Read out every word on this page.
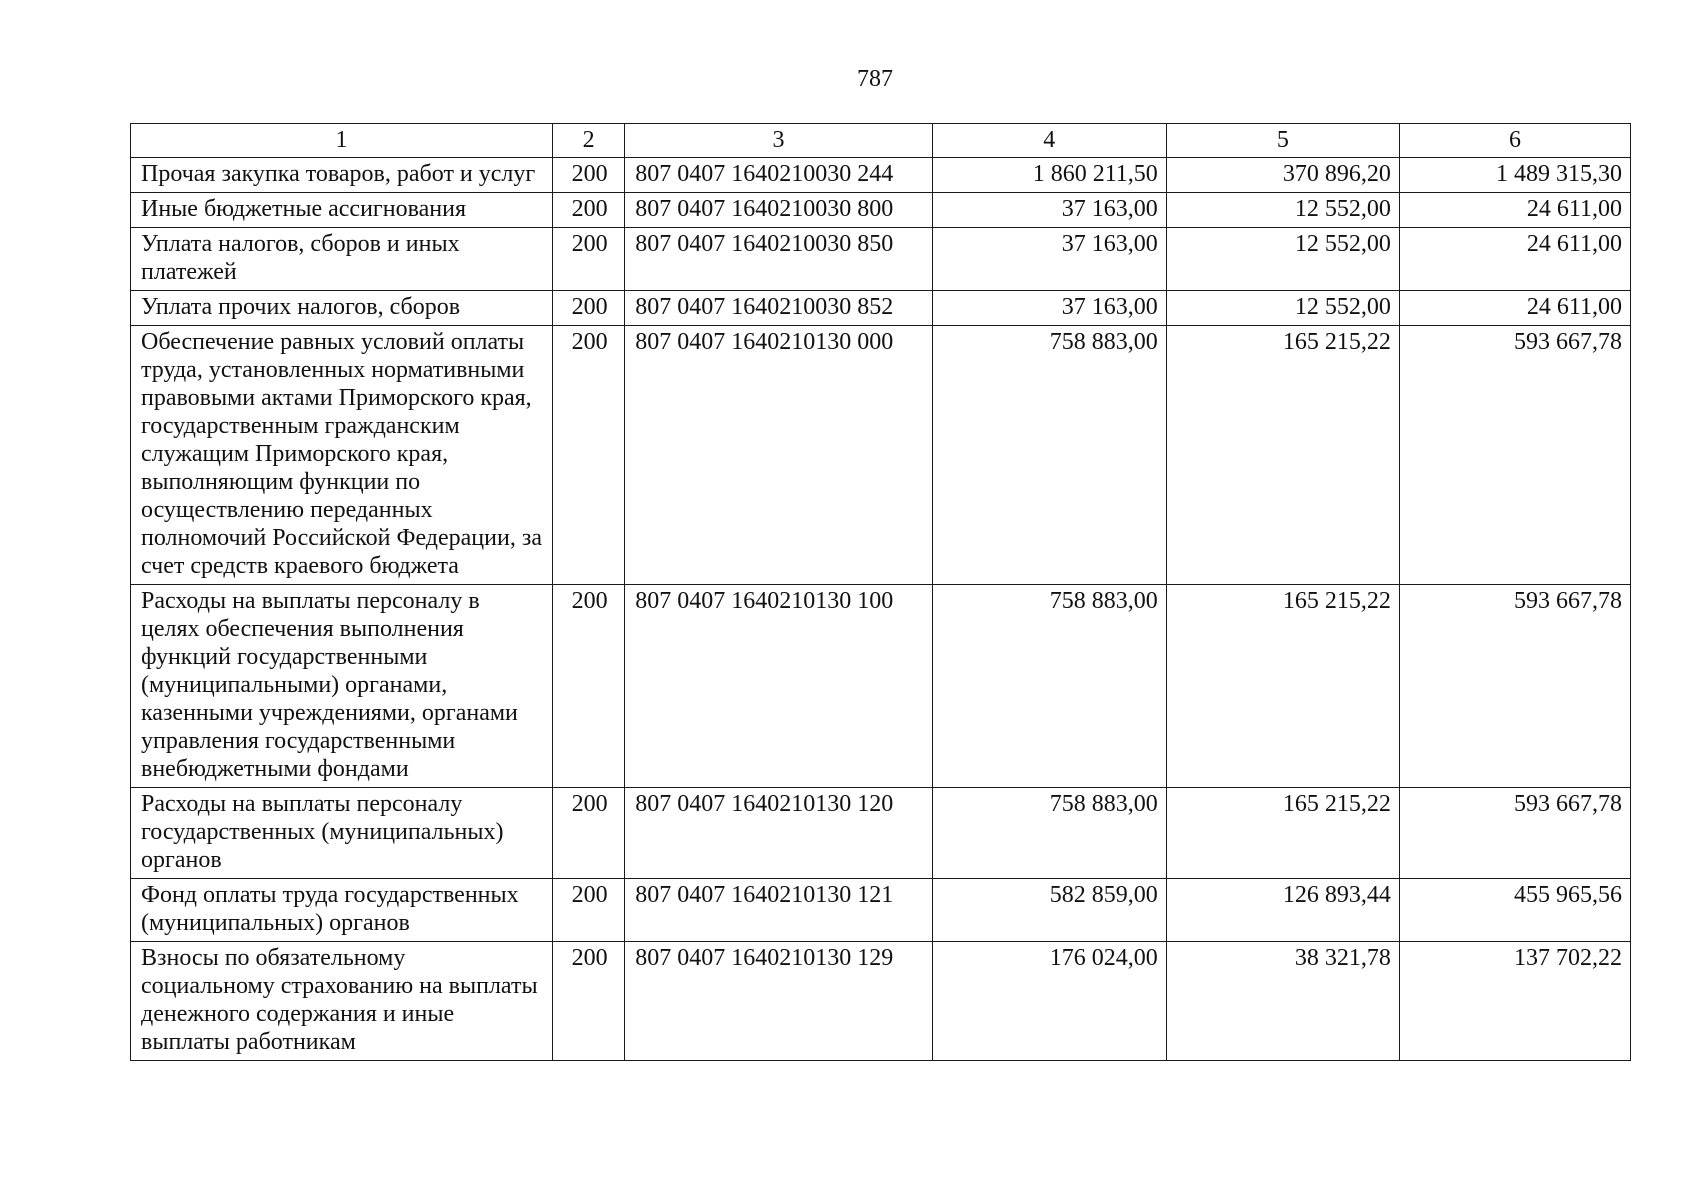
787
1	2	3	4	5	6
Прочая закупка товаров, работ и услуг	200	807 0407 1640210030 244	1 860 211,50	370 896,20	1 489 315,30
Иные бюджетные ассигнования	200	807 0407 1640210030 800	37 163,00	12 552,00	24 611,00
Уплата налогов, сборов и иных платежей	200	807 0407 1640210030 850	37 163,00	12 552,00	24 611,00
Уплата прочих налогов, сборов	200	807 0407 1640210030 852	37 163,00	12 552,00	24 611,00
Обеспечение равных условий оплаты труда, установленных нормативными правовыми актами Приморского края, государственным гражданским служащим Приморского края, выполняющим функции по осуществлению переданных полномочий Российской Федерации, за счет средств краевого бюджета	200	807 0407 1640210130 000	758 883,00	165 215,22	593 667,78
Расходы на выплаты персоналу в целях обеспечения выполнения функций государственными (муниципальными) органами, казенными учреждениями, органами управления государственными внебюджетными фондами	200	807 0407 1640210130 100	758 883,00	165 215,22	593 667,78
Расходы на выплаты персоналу государственных (муниципальных) органов	200	807 0407 1640210130 120	758 883,00	165 215,22	593 667,78
Фонд оплаты труда государственных (муниципальных) органов	200	807 0407 1640210130 121	582 859,00	126 893,44	455 965,56
Взносы по обязательному социальному страхованию на выплаты денежного содержания и иные выплаты работникам	200	807 0407 1640210130 129	176 024,00	38 321,78	137 702,22
